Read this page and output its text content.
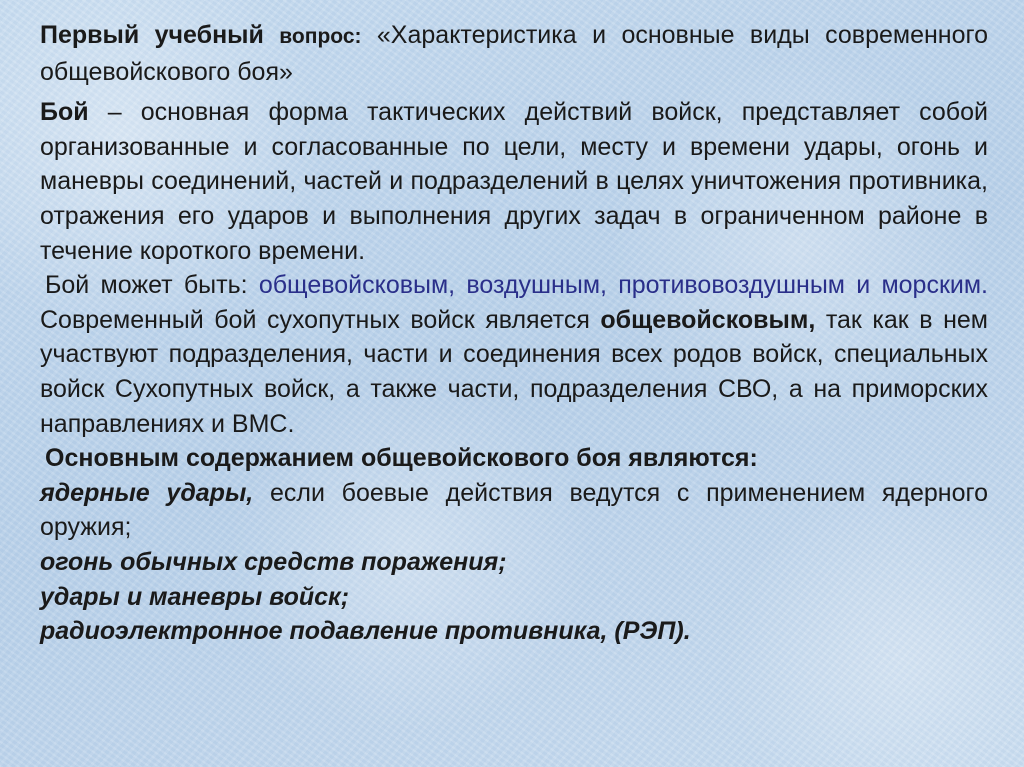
Первый учебный вопрос: «Характеристика и основные виды современного общевойскового боя»

Бой – основная форма тактических действий войск, представляет собой организованные и согласованные по цели, месту и времени удары, огонь и маневры соединений, частей и подразделений в целях уничтожения противника, отражения его ударов и выполнения других задач в ограниченном районе в течение короткого времени.

Бой может быть: общевойсковым, воздушным, противовоздушным и морским. Современный бой сухопутных войск является общевойсковым, так как в нем участвуют подразделения, части и соединения всех родов войск, специальных войск Сухопутных войск, а также части, подразделения СВО, а на приморских направлениях и ВМС.

Основным содержанием общевойскового боя являются:

ядерные удары, если боевые действия ведутся с применением ядерного оружия;

огонь обычных средств поражения;

удары и маневры войск;

радиоэлектронное подавление противника, (РЭП).
